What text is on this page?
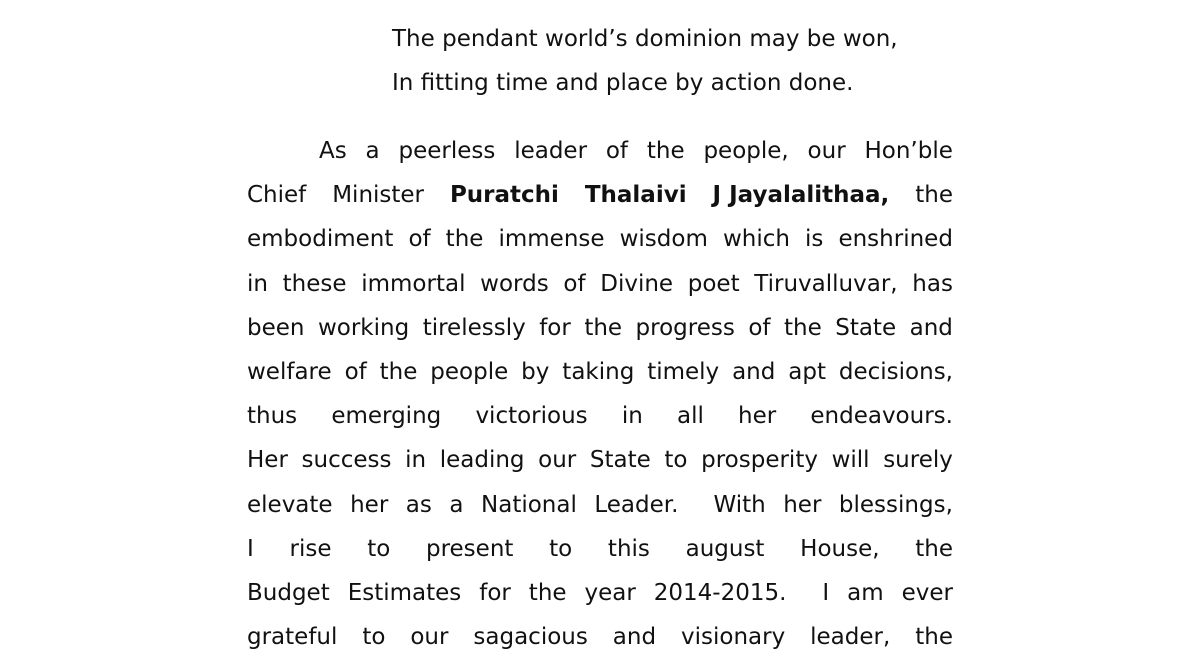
The pendant world’s dominion may be won,
In fitting time and place by action done.
As a peerless leader of the people, our Hon’ble
Chief Minister Puratchi Thalaivi J Jayalalithaa, the
embodiment of the immense wisdom which is enshrined
in these immortal words of Divine poet Tiruvalluvar, has
been working tirelessly for the progress of the State and
welfare of the people by taking timely and apt decisions,
thus emerging victorious in all her endeavours.
Her success in leading our State to prosperity will surely
elevate her as a National Leader. With her blessings,
I rise to present to this august House, the
Budget Estimates for the year 2014-2015. I am ever
grateful to our sagacious and visionary leader, the
